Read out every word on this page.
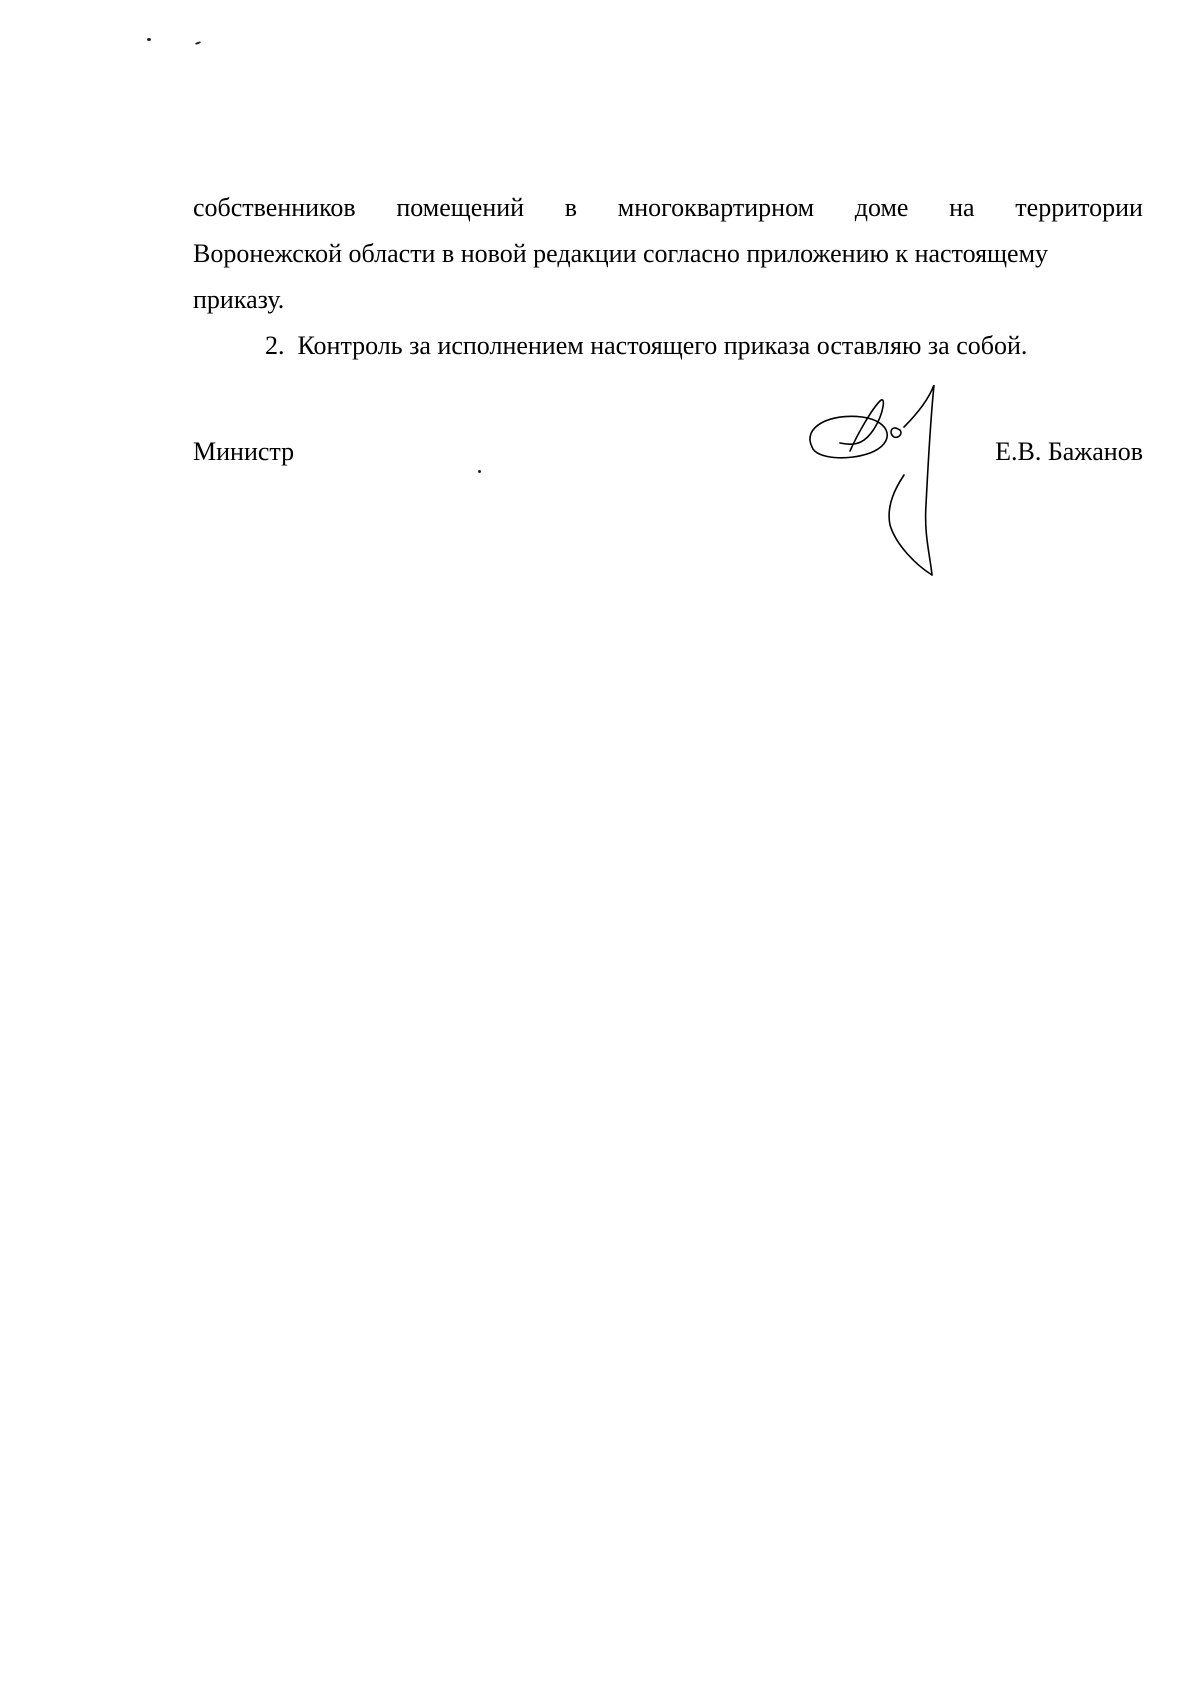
собственников помещений в многоквартирном доме на территории
Воронежской области в новой редакции согласно приложению к настоящему
приказу.
2. Контроль за исполнением настоящего приказа оставляю за собой.
Министр	Е.В. Бажанов
